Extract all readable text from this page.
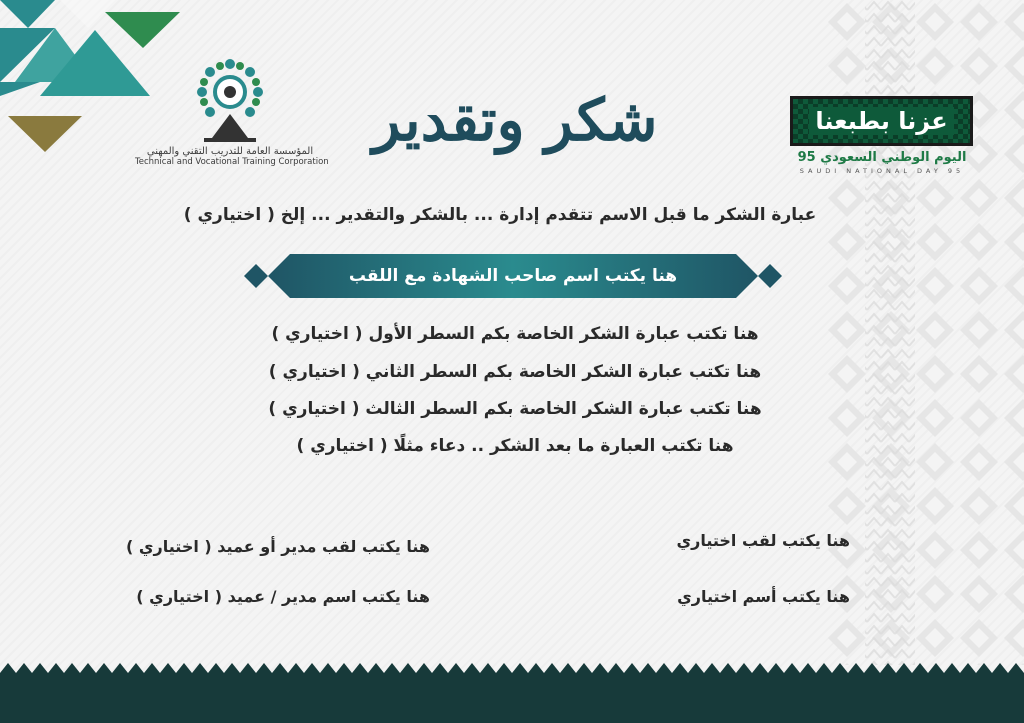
المؤسسة العامة للتدريب التقني والمهني
Technical and Vocational Training Corporation
شكر وتقدير	عزنا بطبعنا
اليوم الوطني السعودي 95
SAUDI NATIONAL DAY 95
عبارة الشكر ما قبل الاسم تتقدم إدارة ... بالشكر والتقدير ... إلخ ( اختياري )
هنا يكتب اسم صاحب الشهادة مع اللقب
هنا تكتب عبارة الشكر الخاصة بكم السطر الأول ( اختياري )
هنا تكتب عبارة الشكر الخاصة بكم السطر الثاني ( اختياري )
هنا تكتب عبارة الشكر الخاصة بكم السطر الثالث ( اختياري )
هنا تكتب العبارة ما بعد الشكر .. دعاء مثلًا ( اختياري )
هنا يكتب لقب اختياري
هنا يكتب أسم اختياري
هنا يكتب لقب مدير أو عميد ( اختياري )
هنا يكتب اسم مدير / عميد ( اختياري )
